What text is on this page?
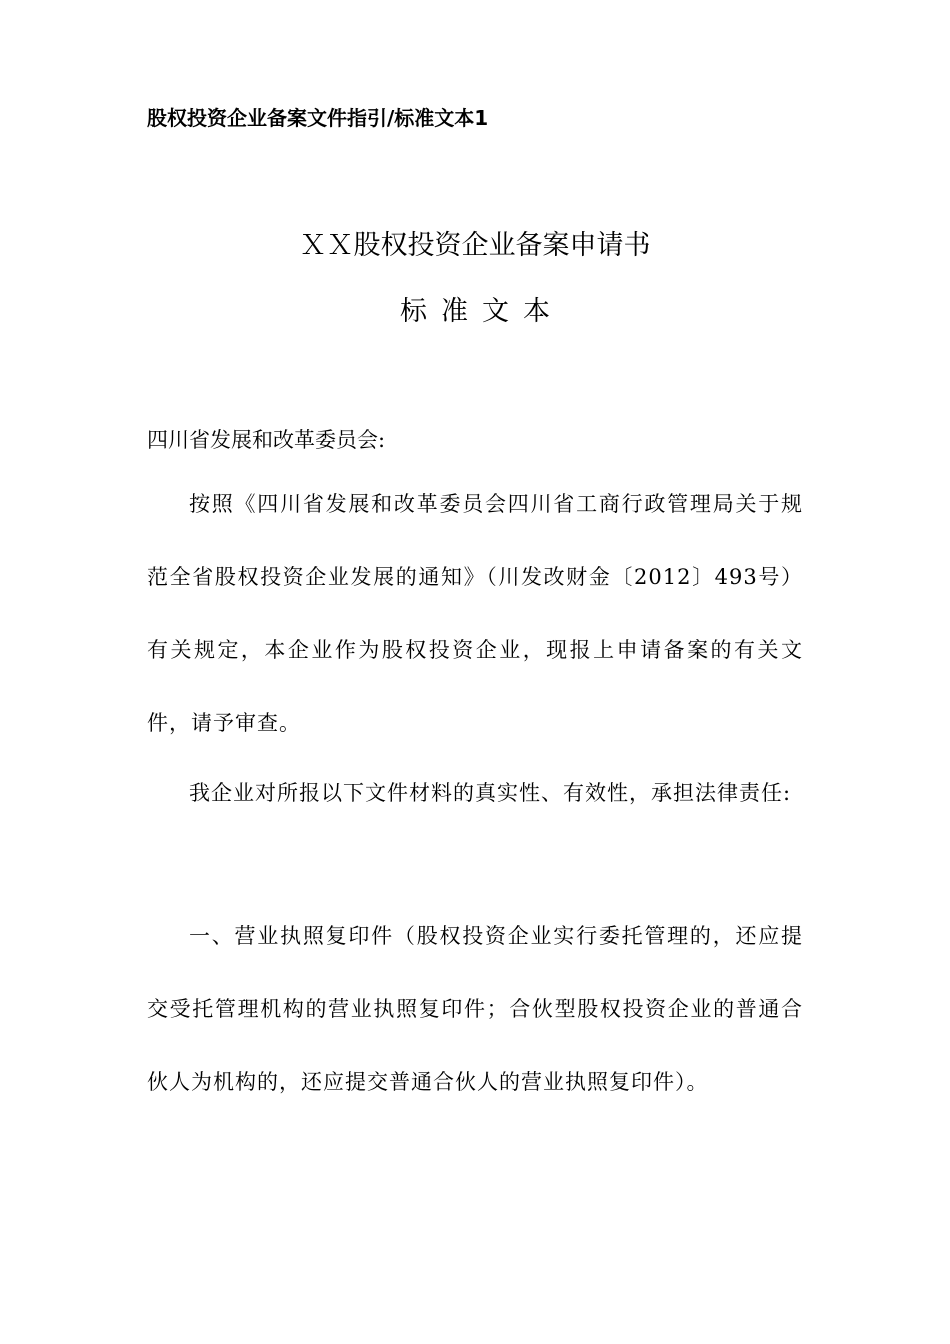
股权投资企业备案文件指引/标准文本1
ＸＸ股权投资企业备案申请书
标准文本
四川省发展和改革委员会:
按照《四川省发展和改革委员会四川省工商行政管理局关于规范全省股权投资企业发展的通知》（川发改财金〔2012〕493号）有关规定，本企业作为股权投资企业，现报上申请备案的有关文件，请予审查。
我企业对所报以下文件材料的真实性、有效性，承担法律责任:
一、营业执照复印件（股权投资企业实行委托管理的，还应提交受托管理机构的营业执照复印件；合伙型股权投资企业的普通合伙人为机构的，还应提交普通合伙人的营业执照复印件）。
